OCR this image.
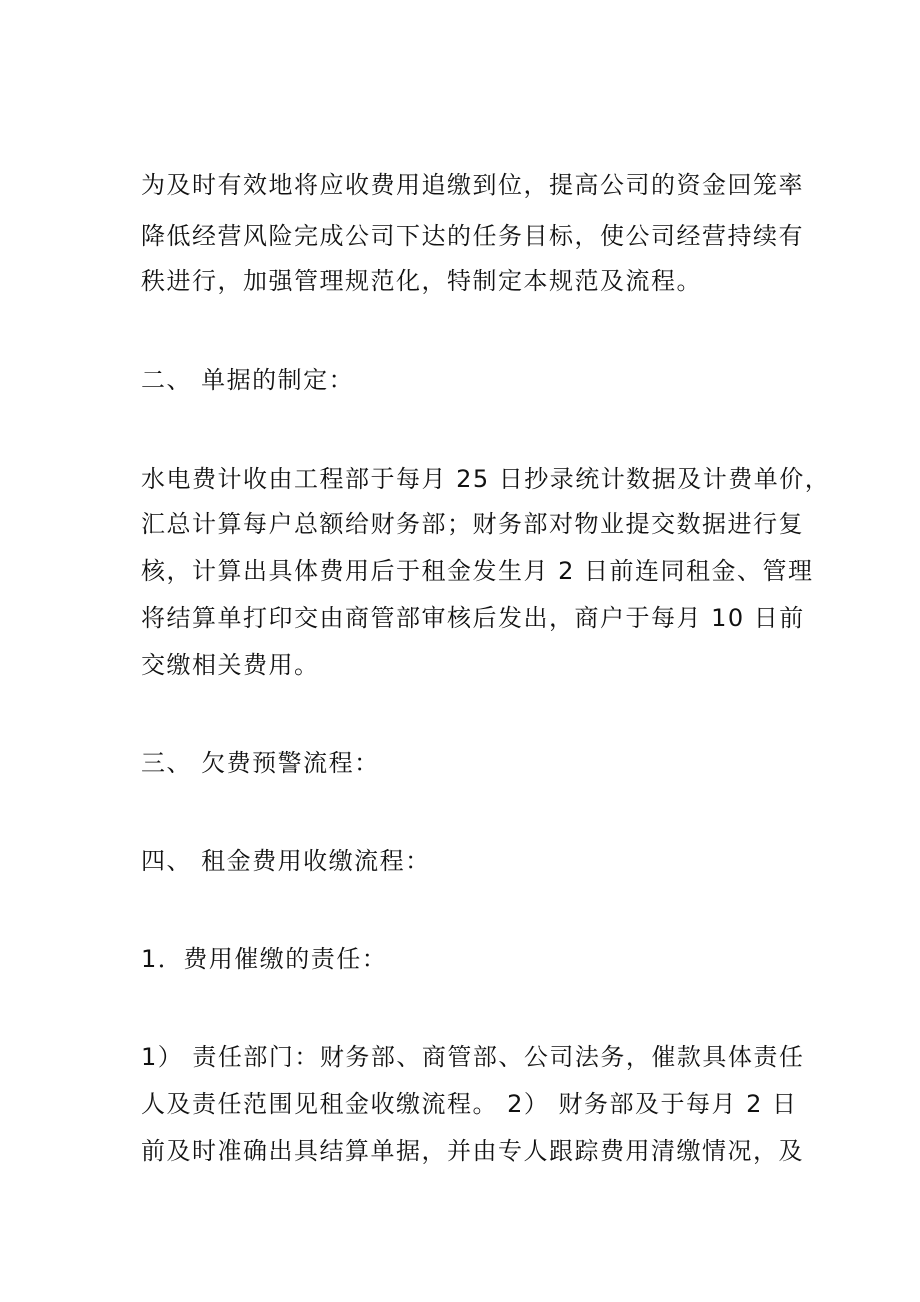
为及时有效地将应收费用追缴到位，提高公司的资金回笼率
降低经营风险完成公司下达的任务目标，使公司经营持续有
秩进行，加强管理规范化，特制定本规范及流程。
二、 单据的制定：
水电费计收由工程部于每月 25 日抄录统计数据及计费单价，
汇总计算每户总额给财务部；财务部对物业提交数据进行复
核，计算出具体费用后于租金发生月 2 日前连同租金、管理
将结算单打印交由商管部审核后发出，商户于每月 10 日前
交缴相关费用。
三、 欠费预警流程：
四、 租金费用收缴流程：
1．费用催缴的责任：
1） 责任部门：财务部、商管部、公司法务，催款具体责任
人及责任范围见租金收缴流程。 2） 财务部及于每月 2 日
前及时准确出具结算单据，并由专人跟踪费用清缴情况，及
